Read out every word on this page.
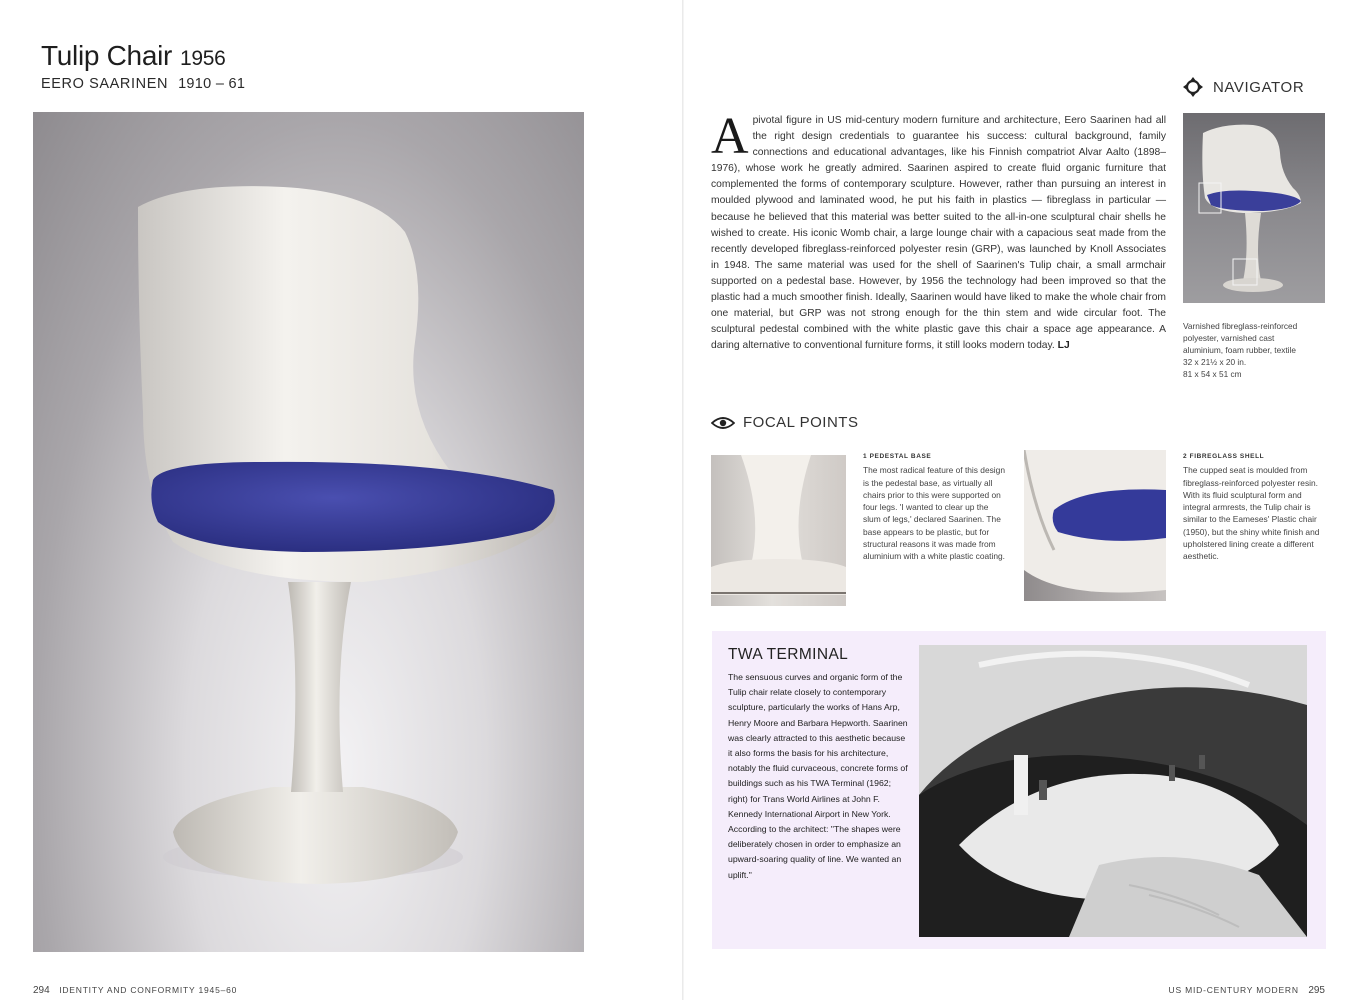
Tulip Chair 1956
EERO SAARINEN 1910 – 61
294 IDENTITY AND CONFORMITY 1945–60
A pivotal figure in US mid-century modern furniture and architecture, Eero Saarinen had all the right design credentials to guarantee his success: cultural background, family connections and educational advantages, like his Finnish compatriot Alvar Aalto (1898–1976), whose work he greatly admired. Saarinen aspired to create fluid organic furniture that complemented the forms of contemporary sculpture. However, rather than pursuing an interest in moulded plywood and laminated wood, he put his faith in plastics — fibreglass in particular — because he believed that this material was better suited to the all-in-one sculptural chair shells he wished to create. His iconic Womb chair, a large lounge chair with a capacious seat made from the recently developed fibreglass-reinforced polyester resin (GRP), was launched by Knoll Associates in 1948. The same material was used for the shell of Saarinen's Tulip chair, a small armchair supported on a pedestal base. However, by 1956 the technology had been improved so that the plastic had a much smoother finish. Ideally, Saarinen would have liked to make the whole chair from one material, but GRP was not strong enough for the thin stem and wide circular foot. The sculptural pedestal combined with the white plastic gave this chair a space age appearance. A daring alternative to conventional furniture forms, it still looks modern today. LJ
NAVIGATOR
Varnished fibreglass-reinforced
polyester, varnished cast
aluminium, foam rubber, textile
32 x 21½ x 20 in.
81 x 54 x 51 cm
FOCAL POINTS
1 PEDESTAL BASE
The most radical feature of this design is the pedestal base, as virtually all chairs prior to this were supported on four legs. 'I wanted to clear up the slum of legs,' declared Saarinen. The base appears to be plastic, but for structural reasons it was made from aluminium with a white plastic coating.
2 FIBREGLASS SHELL
The cupped seat is moulded from fibreglass-reinforced polyester resin. With its fluid sculptural form and integral armrests, the Tulip chair is similar to the Eameses' Plastic chair (1950), but the shiny white finish and upholstered lining create a different aesthetic.
TWA TERMINAL
The sensuous curves and organic form of the Tulip chair relate closely to contemporary sculpture, particularly the works of Hans Arp, Henry Moore and Barbara Hepworth. Saarinen was clearly attracted to this aesthetic because it also forms the basis for his architecture, notably the fluid curvaceous, concrete forms of buildings such as his TWA Terminal (1962; right) for Trans World Airlines at John F. Kennedy International Airport in New York. According to the architect: "The shapes were deliberately chosen in order to emphasize an upward-soaring quality of line. We wanted an uplift."
US MID-CENTURY MODERN 295
